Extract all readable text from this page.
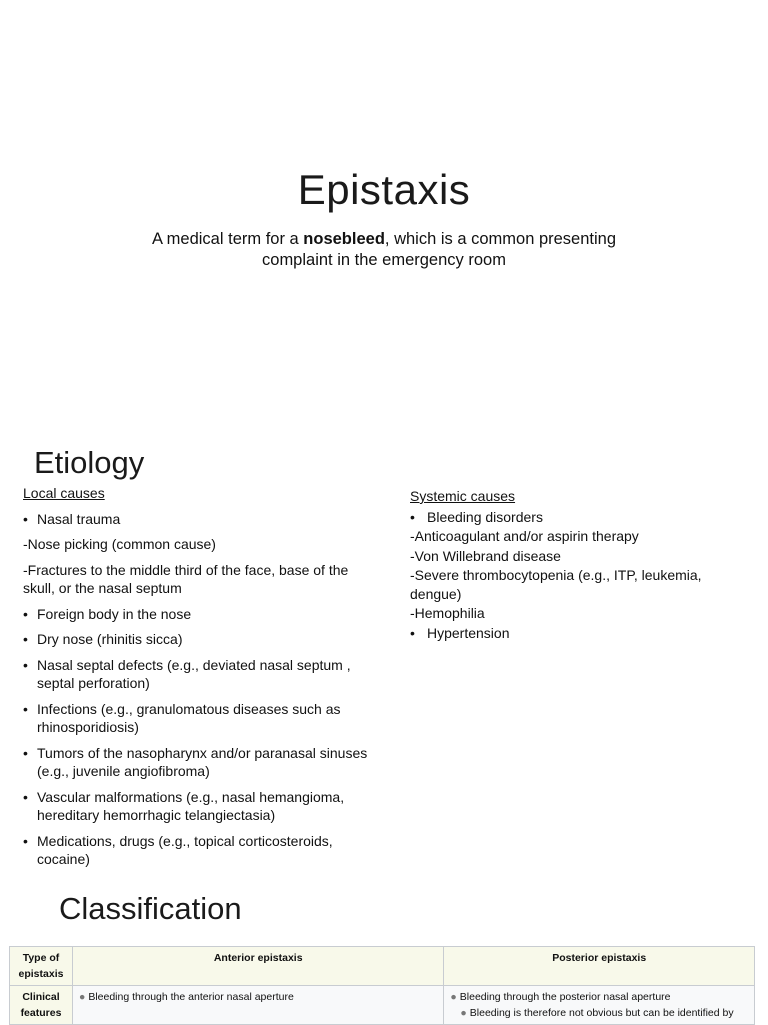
Epistaxis
A medical term for a nosebleed, which is a common presenting complaint in the emergency room
Etiology
Local causes
• Nasal trauma
-Nose picking (common cause)
-Fractures to the middle third of the face, base of the skull, or the nasal septum
• Foreign body in the nose
• Dry nose (rhinitis sicca)
• Nasal septal defects (e.g., deviated nasal septum , septal perforation)
• Infections (e.g., granulomatous diseases such as rhinosporidiosis)
• Tumors of the nasopharynx and/or paranasal sinuses (e.g., juvenile angiofibroma)
• Vascular malformations (e.g., nasal hemangioma, hereditary hemorrhagic telangiectasia)
• Medications, drugs (e.g., topical corticosteroids, cocaine)
Systemic causes
• Bleeding disorders
-Anticoagulant and/or aspirin therapy
-Von Willebrand disease
-Severe thrombocytopenia (e.g., ITP, leukemia, dengue)
-Hemophilia
• Hypertension
Classification
Type of epistaxis	Anterior epistaxis	Posterior epistaxis
Clinical features	● Bleeding through the anterior nasal aperture	● Bleeding through the posterior nasal aperture
● Bleeding is therefore not obvious but can be identified by
